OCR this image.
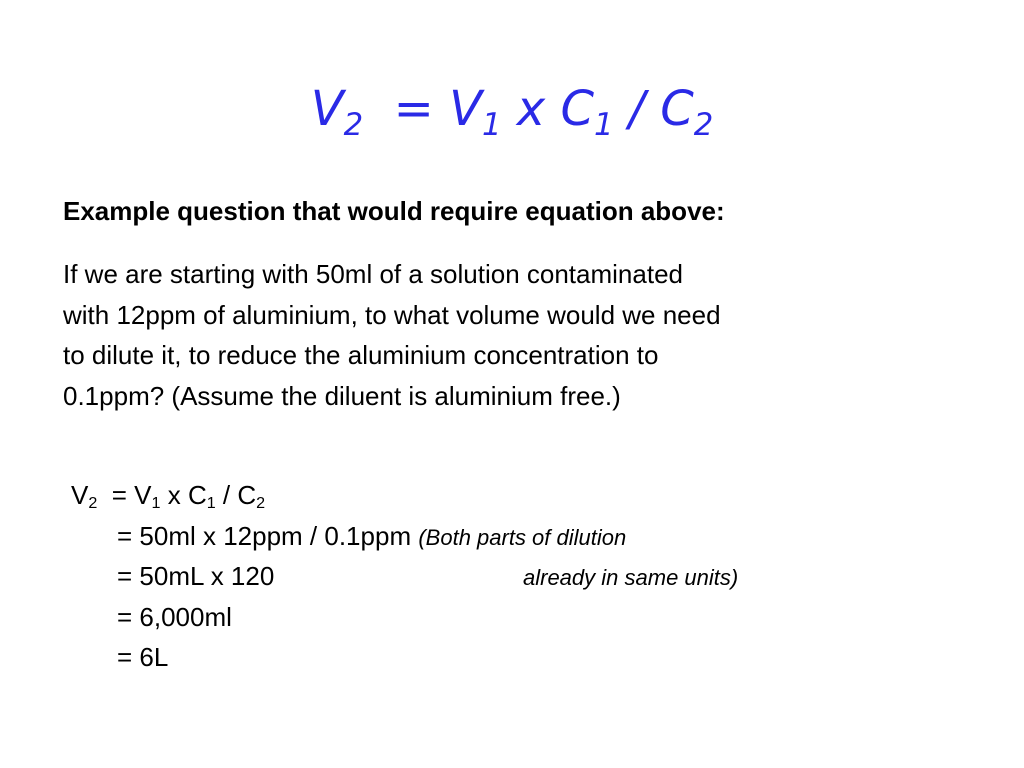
$V_2 = V_1$ x $C_1 / C_2$
Example question that would require equation above:
If we are starting with 50ml of a solution contaminated
with 12ppm of aluminium, to what volume would we need
to dilute it, to reduce the aluminium concentration to
0.1ppm? (Assume the diluent is aluminium free.)
$V_2 = V_1$ x $C_1 / C_2$
= 50ml x 12ppm / 0.1ppm (Both parts of dilution
= 50mL x 120	already in same units)
= 6,000ml
= 6L
